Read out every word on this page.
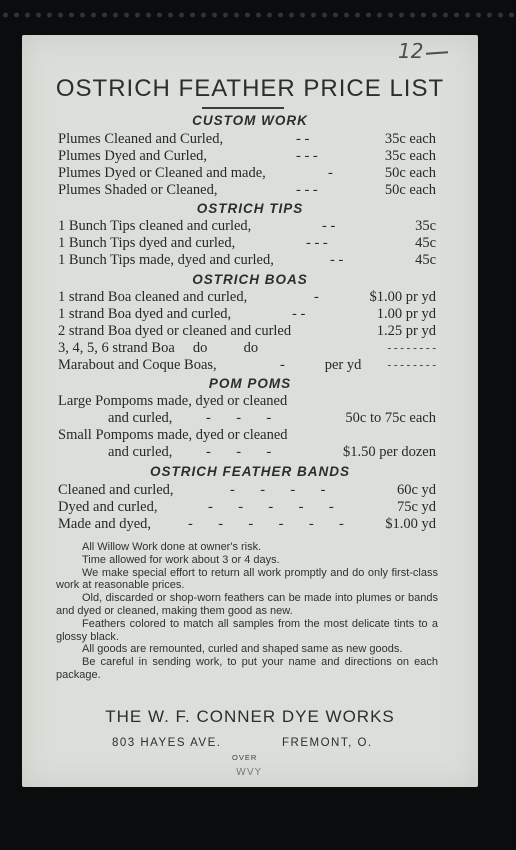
12
OSTRICH FEATHER PRICE LIST
CUSTOM WORK
Plumes Cleaned and Curled,	- -	35c each
Plumes Dyed and Curled,	- - -	35c each
Plumes Dyed or Cleaned and made,	-	50c each
Plumes Shaded or Cleaned,	- - -	50c each
OSTRICH TIPS
1 Bunch Tips cleaned and curled,	- -	35c
1 Bunch Tips dyed and curled,	- - -	45c
1 Bunch Tips made, dyed and curled,	- -	45c
OSTRICH BOAS
1 strand Boa cleaned and curled,	-	$1.00 pr yd
1 strand Boa dyed and curled,	- -	1.00 pr yd
2 strand Boa dyed or cleaned and curled	1.25 pr yd
3, 4, 5, 6 strand Boa     do          do	- - - - - - - -
Marabout and Coque Boas,	-           per yd - - - - - - - -
POM POMS
Large Pompoms made, dyed or cleaned
and curled, -       -       -	50c to 75c each
Small Pompoms made, dyed or cleaned
and curled, -       -       -	$1.50 per dozen
OSTRICH FEATHER BANDS
Cleaned and curled,	-       -       -       -	60c yd
Dyed and curled,	-       -       -       -       -	75c yd
Made and dyed,	-       -       -       -       -       -	$1.00 yd

All Willow Work done at owner's risk.

Time allowed for work about 3 or 4 days.

We make special effort to return all work promptly and do only first-class work at reasonable prices.

Old, discarded or shop-worn feathers can be made into plumes or bands and dyed or cleaned, making them good as new.

Feathers colored to match all samples from the most delicate tints to a glossy black.

All goods are remounted, curled and shaped same as new goods.

Be careful in sending work, to put your name and directions on each package.

THE W. F. CONNER DYE WORKS
803 HAYES AVE.	FREMONT, O.
OVER
WVY
